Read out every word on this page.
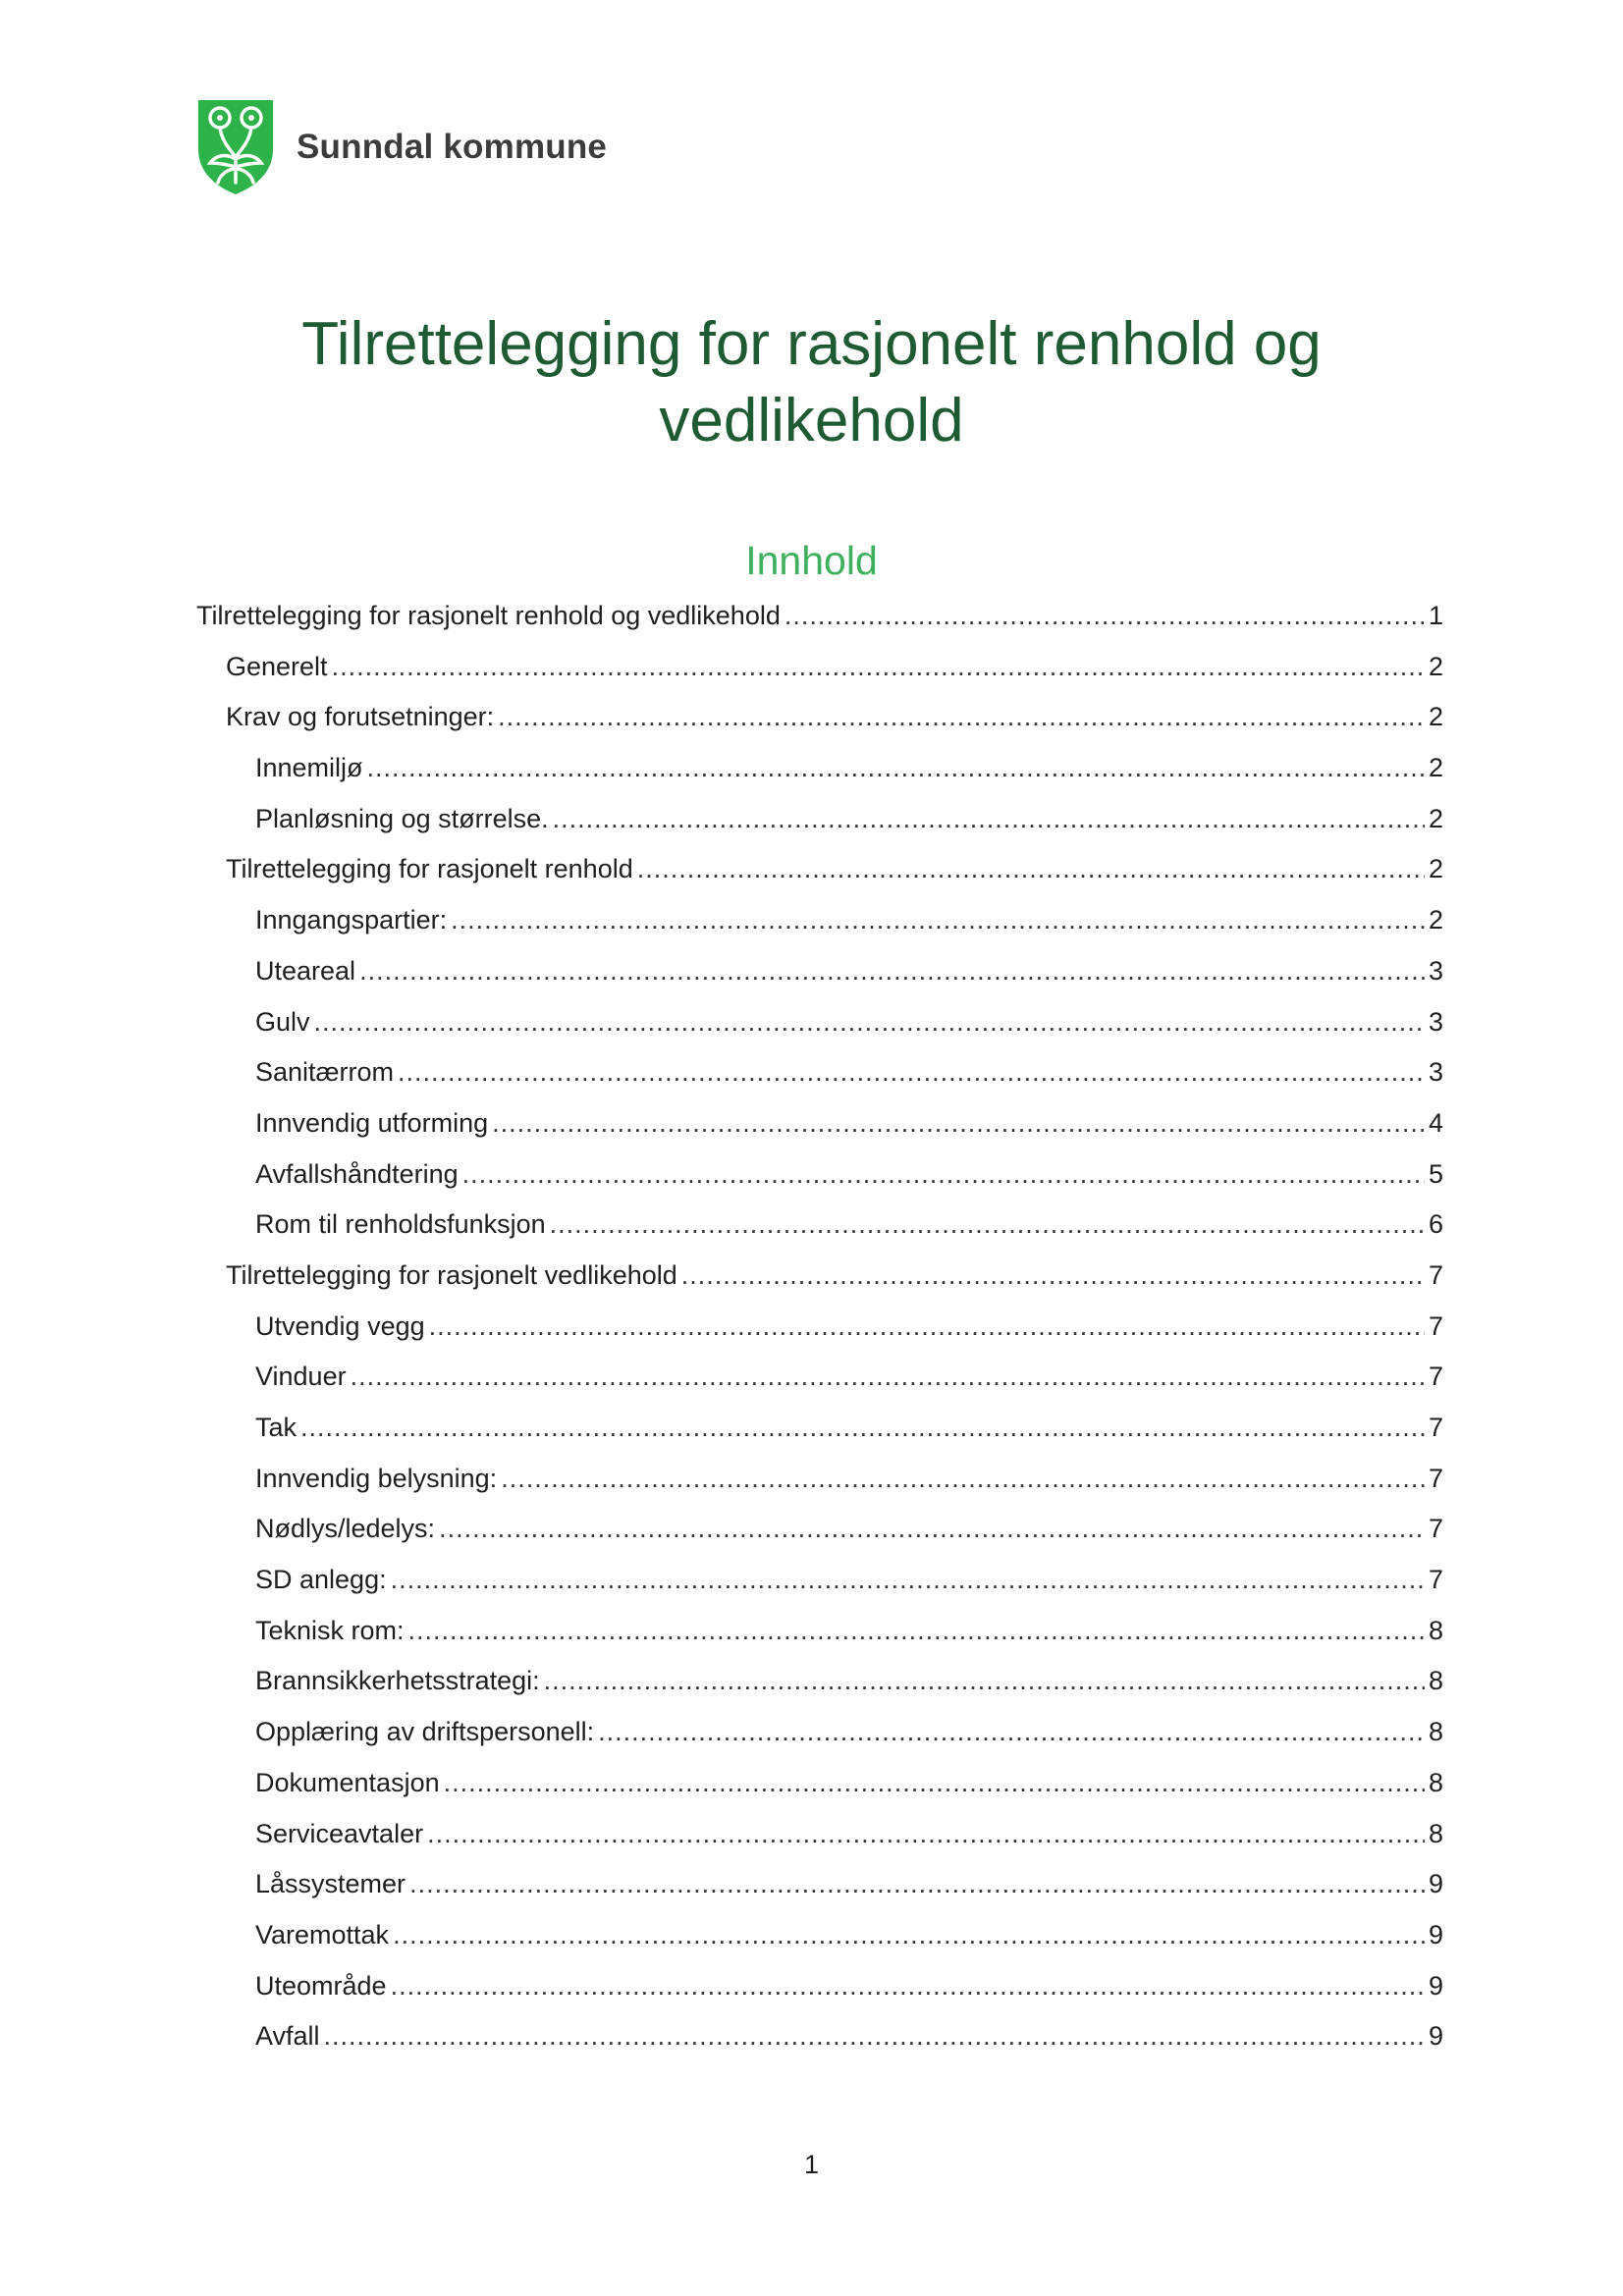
Sunndal kommune
Tilrettelegging for rasjonelt renhold og
vedlikehold
Innhold
Tilrettelegging for rasjonelt renhold og vedlikehold .....	1
Generelt .....	2
Krav og forutsetninger: .....	2
Innemiljø .....	2
Planløsning og størrelse. .....	2
Tilrettelegging for rasjonelt renhold .....	2
Inngangspartier: .....	2
Uteareal .....	3
Gulv .....	3
Sanitærrom .....	3
Innvendig utforming .....	4
Avfallshåndtering .....	5
Rom til renholdsfunksjon .....	6
Tilrettelegging for rasjonelt vedlikehold .....	7
Utvendig vegg .....	7
Vinduer .....	7
Tak .....	7
Innvendig belysning: .....	7
Nødlys/ledelys: .....	7
SD anlegg: .....	7
Teknisk rom: .....	8
Brannsikkerhetsstrategi: .....	8
Opplæring av driftspersonell: .....	8
Dokumentasjon .....	8
Serviceavtaler .....	8
Låssystemer .....	9
Varemottak .....	9
Uteområde .....	9
Avfall .....	9
1
